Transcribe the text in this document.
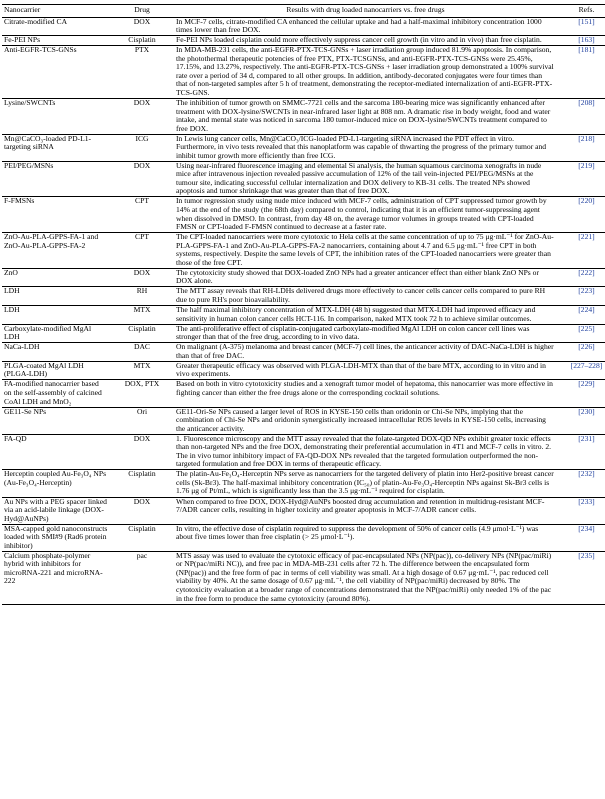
Nanocarrier	Drug	Results with drug loaded nanocarriers vs. free drugs	Refs.
Citrate-modified CA	DOX	In MCF-7 cells, citrate-modified CA enhanced the cellular uptake and had a half-maximal inhibitory concentration 1000 times lower than free DOX.	[151]
Fe-PEI NPs	Cisplatin	Fe-PEI NPs loaded cisplatin could more effectively suppress cancer cell growth (in vitro and in vivo) than free cisplatin.	[163]
Anti-EGFR-TCS-GNSs	PTX	In MDA-MB-231 cells, the anti-EGFR-PTX-TCS-GNSs + laser irradiation group induced 81.9% apoptosis. In comparison, the photothermal therapeutic potencies of free PTX, PTX-TCSGNSs, and anti-EGFR-PTX-TCS-GNSs were 25.45%, 17.15%, and 13.27%, respectively. The anti-EGFR-PTX-TCS-GNSs + laser irradiation group demonstrated a 100% survival rate over a period of 34 d, compared to all other groups. In addition, antibody-decorated conjugates were four times than that of non-targeted samples after 5 h of treatment, demonstrating the receptor-mediated internalization of anti-EGFR-PTX-TCS-GNS.	[181]
Lysine/SWCNTs	DOX	The inhibition of tumor growth on SMMC-7721 cells and the sarcoma 180-bearing mice was significantly enhanced after treatment with DOX-lysine/SWCNTs in near-infrared laser light at 808 nm. A dramatic rise in body weight, food and water intake, and mental state was noticed in sarcoma 180 tumor-induced mice on DOX-lysine/SWCNTs treatment compared to free DOX.	[208]
Mn@CaCO₃-loaded PD-L1-targeting siRNA	ICG	In Lewis lung cancer cells, Mn@CaCO₃/ICG-loaded PD-L1-targeting siRNA increased the PDT effect in vitro. Furthermore, in vivo tests revealed that this nanoplatform was capable of thwarting the progress of the primary tumor and inhibit tumor growth more efficiently than free ICG.	[218]
PEI/PEG/MSNs	DOX	Using near-infrared fluorescence imaging and elemental Si analysis, the human squamous carcinoma xenografts in nude mice after intravenous injection revealed passive accumulation of 12% of the tail vein-injected PEI/PEG/MSNs at the tumour site, indicating successful cellular internalization and DOX delivery to KB-31 cells. The treated NPs showed apoptosis and tumor shrinkage that was greater than that of free DOX.	[219]
F-FMSNs	CPT	In tumor regression study using nude mice induced with MCF-7 cells, administration of CPT suppressed tumor growth by 14% at the end of the study (the 68th day) compared to control, indicating that it is an efficient tumor-suppressing agent when dissolved in DMSO. In contrast, from day 48 on, the average tumor volumes in groups treated with CPT-loaded FMSN or CPT-loaded F-FMSN continued to decrease at a faster rate.	[220]
ZnO-Au-PLA-GPPS-FA-1 and ZnO-Au-PLA-GPPS-FA-2	CPT	The CPT-loaded nanocarriers were more cytotoxic to Hela cells at the same concentration of up to 75 μg·mL⁻¹ for ZnO-Au-PLA-GPPS-FA-1 and ZnO-Au-PLA-GPPS-FA-2 nanocarriers, containing about 4.7 and 6.5 μg·mL⁻¹ free CPT in both systems, respectively. Despite the same levels of CPT, the inhibition rates of the CPT-loaded nanocarriers were greater than those of the free CPT.	[221]
ZnO	DOX	The cytotoxicity study showed that DOX-loaded ZnO NPs had a greater anticancer effect than either blank ZnO NPs or DOX alone.	[222]
LDH	RH	The MTT assay reveals that RH-LDHs delivered drugs more effectively to cancer cells cancer cells compared to pure RH due to pure RH's poor bioavailability.	[223]
LDH	MTX	The half maximal inhibitory concentration of MTX-LDH (48 h) suggested that MTX-LDH had improved efficacy and sensitivity in human colon cancer cells HCT-116. In comparison, naked MTX took 72 h to achieve similar outcomes.	[224]
Carboxylate-modified MgAl LDH	Cisplatin	The anti-proliferative effect of cisplatin-conjugated carboxylate-modified MgAl LDH on colon cancer cell lines was stronger than that of the free drug, according to in vivo data.	[225]
NaCa-LDH	DAC	On malignant (A-375) melanoma and breast cancer (MCF-7) cell lines, the anticancer activity of DAC-NaCa-LDH is higher than that of free DAC.	[226]
PLGA-coated MgAl LDH (PLGA-LDH)	MTX	Greater therapeutic efficacy was observed with PLGA-LDH-MTX than that of the bare MTX, according to in vitro and in vivo experiments.	[227–228]
FA-modified nanocarrier based on the self-assembly of calcined CoAl LDH and MnO₂	DOX, PTX	Based on both in vitro cytotoxicity studies and a xenograft tumor model of hepatoma, this nanocarrier was more effective in fighting cancer than either the free drugs alone or the corresponding cocktail solutions.	[229]
GE11-Se NPs	Ori	GE11-Ori-Se NPs caused a larger level of ROS in KYSE-150 cells than oridonin or Chi-Se NPs, implying that the combination of Chi-Se NPs and oridonin synergistically increased intracellular ROS levels in KYSE-150 cells, increasing the anticancer activity.	[230]
FA-QD	DOX	1. Fluorescence microscopy and the MTT assay revealed that the folate-targeted DOX-QD NPs exhibit greater toxic effects than non-targeted NPs and the free DOX, demonstrating their preferential accumulation in 4T1 and MCF-7 cells in vitro. 2. The in vivo tumor inhibitory impact of FA-QD-DOX NPs revealed that the targeted formulation outperformed the non-targeted formulation and free DOX in terms of therapeutic efficacy.	[231]
Herceptin coupled Au-Fe₃O₄ NPs (Au-Fe₃O₄-Herceptin)	Cisplatin	The platin-Au-Fe₃O₄-Herceptin NPs serve as nanocarriers for the targeted delivery of platin into Her2-positive breast cancer cells (Sk-Br3). The half-maximal inhibitory concentration (IC₅₀) of platin-Au-Fe₃O₄-Herceptin NPs against Sk-Br3 cells is 1.76 μg of Pt/mL, which is significantly less than the 3.5 μg·mL⁻¹ required for cisplatin.	[232]
Au NPs with a PEG spacer linked via an acid-labile linkage (DOX-Hyd@AuNPs)	DOX	When compared to free DOX, DOX-Hyd@AuNPs boosted drug accumulation and retention in multidrug-resistant MCF-7/ADR cancer cells, resulting in higher toxicity and greater apoptosis in MCF-7/ADR cancer cells.	[233]
MSA-capped gold nanoconstructs loaded with SMI#9 (Rad6 protein inhibitor)	Cisplatin	In vitro, the effective dose of cisplatin required to suppress the development of 50% of cancer cells (4.9 μmol·L⁻¹) was about five times lower than free cisplatin (> 25 μmol·L⁻¹).	[234]
Calcium phosphate-polymer hybrid with inhibitors for microRNA-221 and microRNA-222	pac	MTS assay was used to evaluate the cytotoxic efficacy of pac-encapsulated NPs (NP(pac)), co-delivery NPs (NP(pac/miRi) or NP(pac/miRi NC)), and free pac in MDA-MB-231 cells after 72 h. The difference between the encapsulated form (NP(pac)) and the free form of pac in terms of cell viability was small. At a high dosage of 0.67 μg·mL⁻¹, pac reduced cell viability by 40%. At the same dosage of 0.67 μg·mL⁻¹, the cell viability of NP(pac/miRi) decreased by 80%. The cytotoxicity evaluation at a broader range of concentrations demonstrated that the NP(pac/miRi) only needed 1% of the pac in the free form to produce the same cytotoxicity (around 80%).	[235]
